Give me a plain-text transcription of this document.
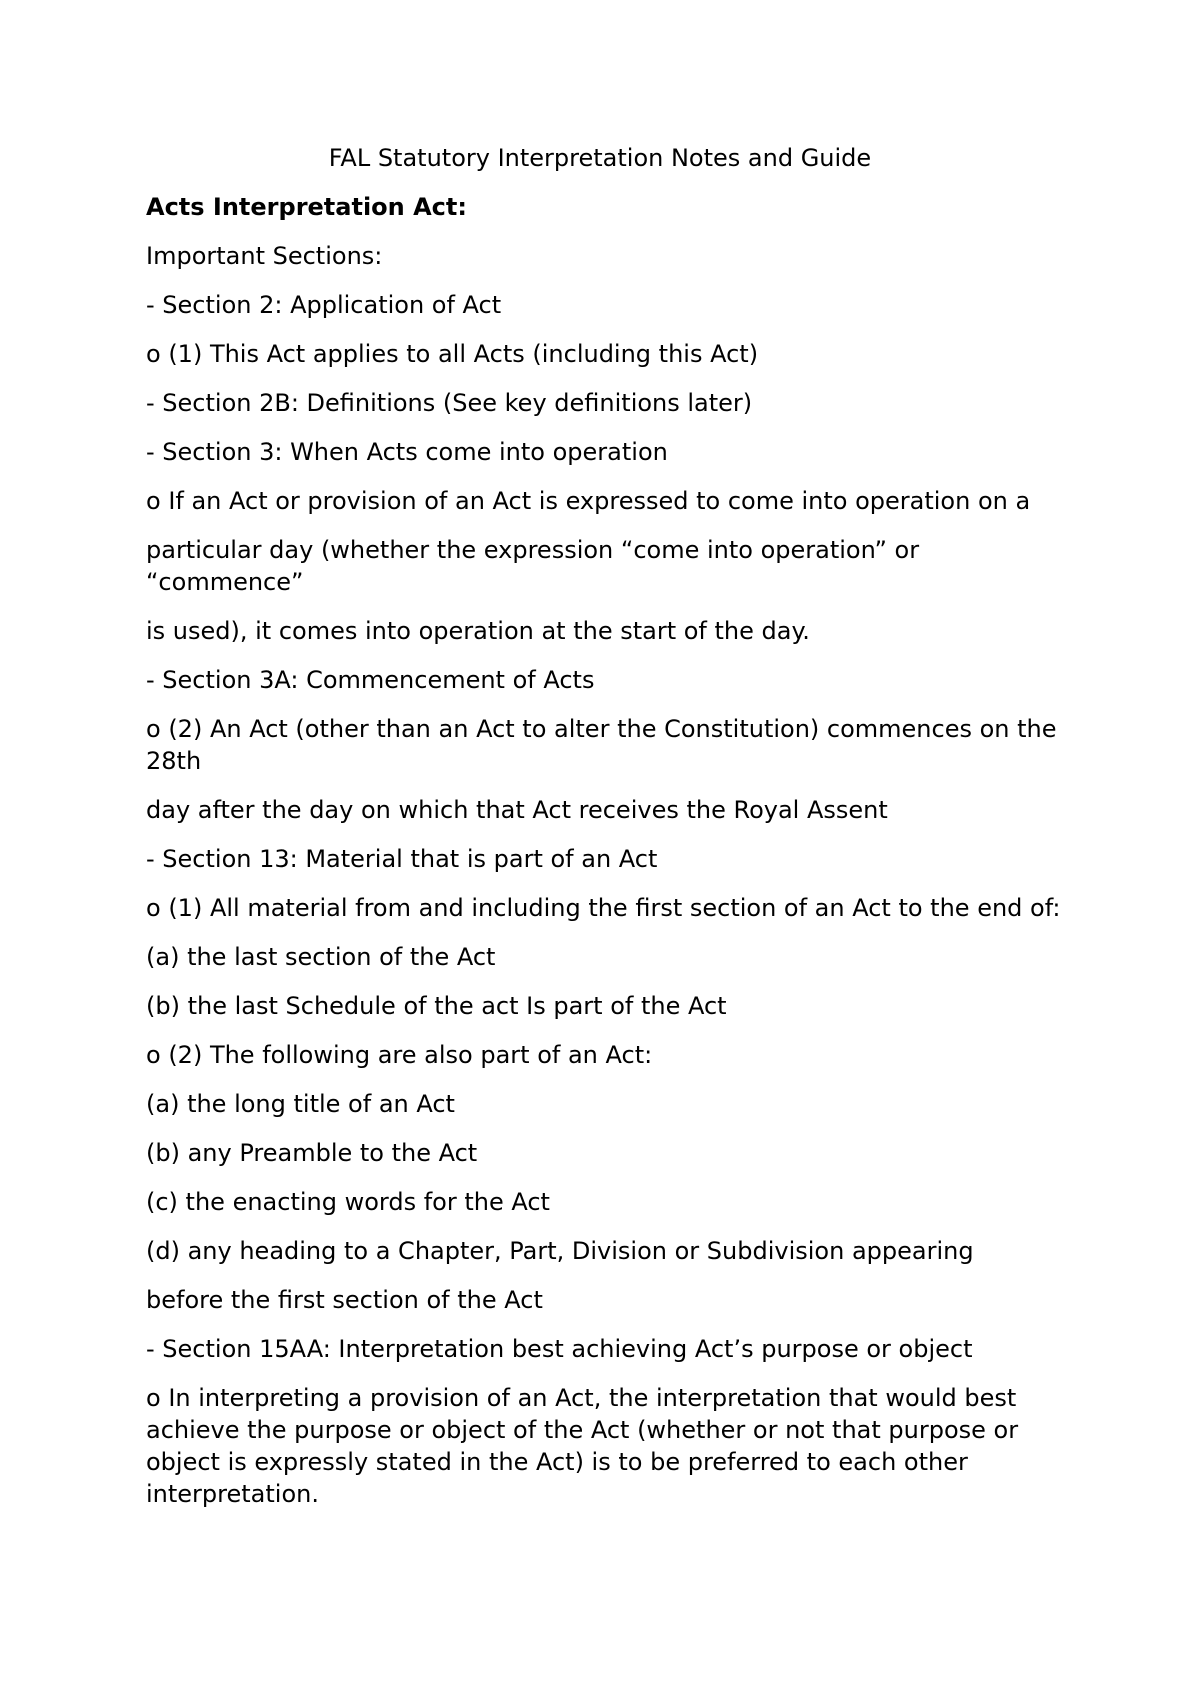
FAL Statutory Interpretation Notes and Guide

Acts Interpretation Act:

Important Sections:

- Section 2: Application of Act

o (1) This Act applies to all Acts (including this Act)

- Section 2B: Definitions (See key definitions later)

- Section 3: When Acts come into operation

o If an Act or provision of an Act is expressed to come into operation on a

particular day (whether the expression “come into operation” or “commence”

is used), it comes into operation at the start of the day.

- Section 3A: Commencement of Acts

o (2) An Act (other than an Act to alter the Constitution) commences on the 28th

day after the day on which that Act receives the Royal Assent

- Section 13: Material that is part of an Act

o (1) All material from and including the first section of an Act to the end of:

(a) the last section of the Act

(b) the last Schedule of the act Is part of the Act

o (2) The following are also part of an Act:

(a) the long title of an Act

(b) any Preamble to the Act

(c) the enacting words for the Act

(d) any heading to a Chapter, Part, Division or Subdivision appearing

before the first section of the Act

- Section 15AA: Interpretation best achieving Act’s purpose or object

o In interpreting a provision of an Act, the interpretation that would best achieve the purpose or object of the Act (whether or not that purpose or object is expressly stated in the Act) is to be preferred to each other interpretation.
